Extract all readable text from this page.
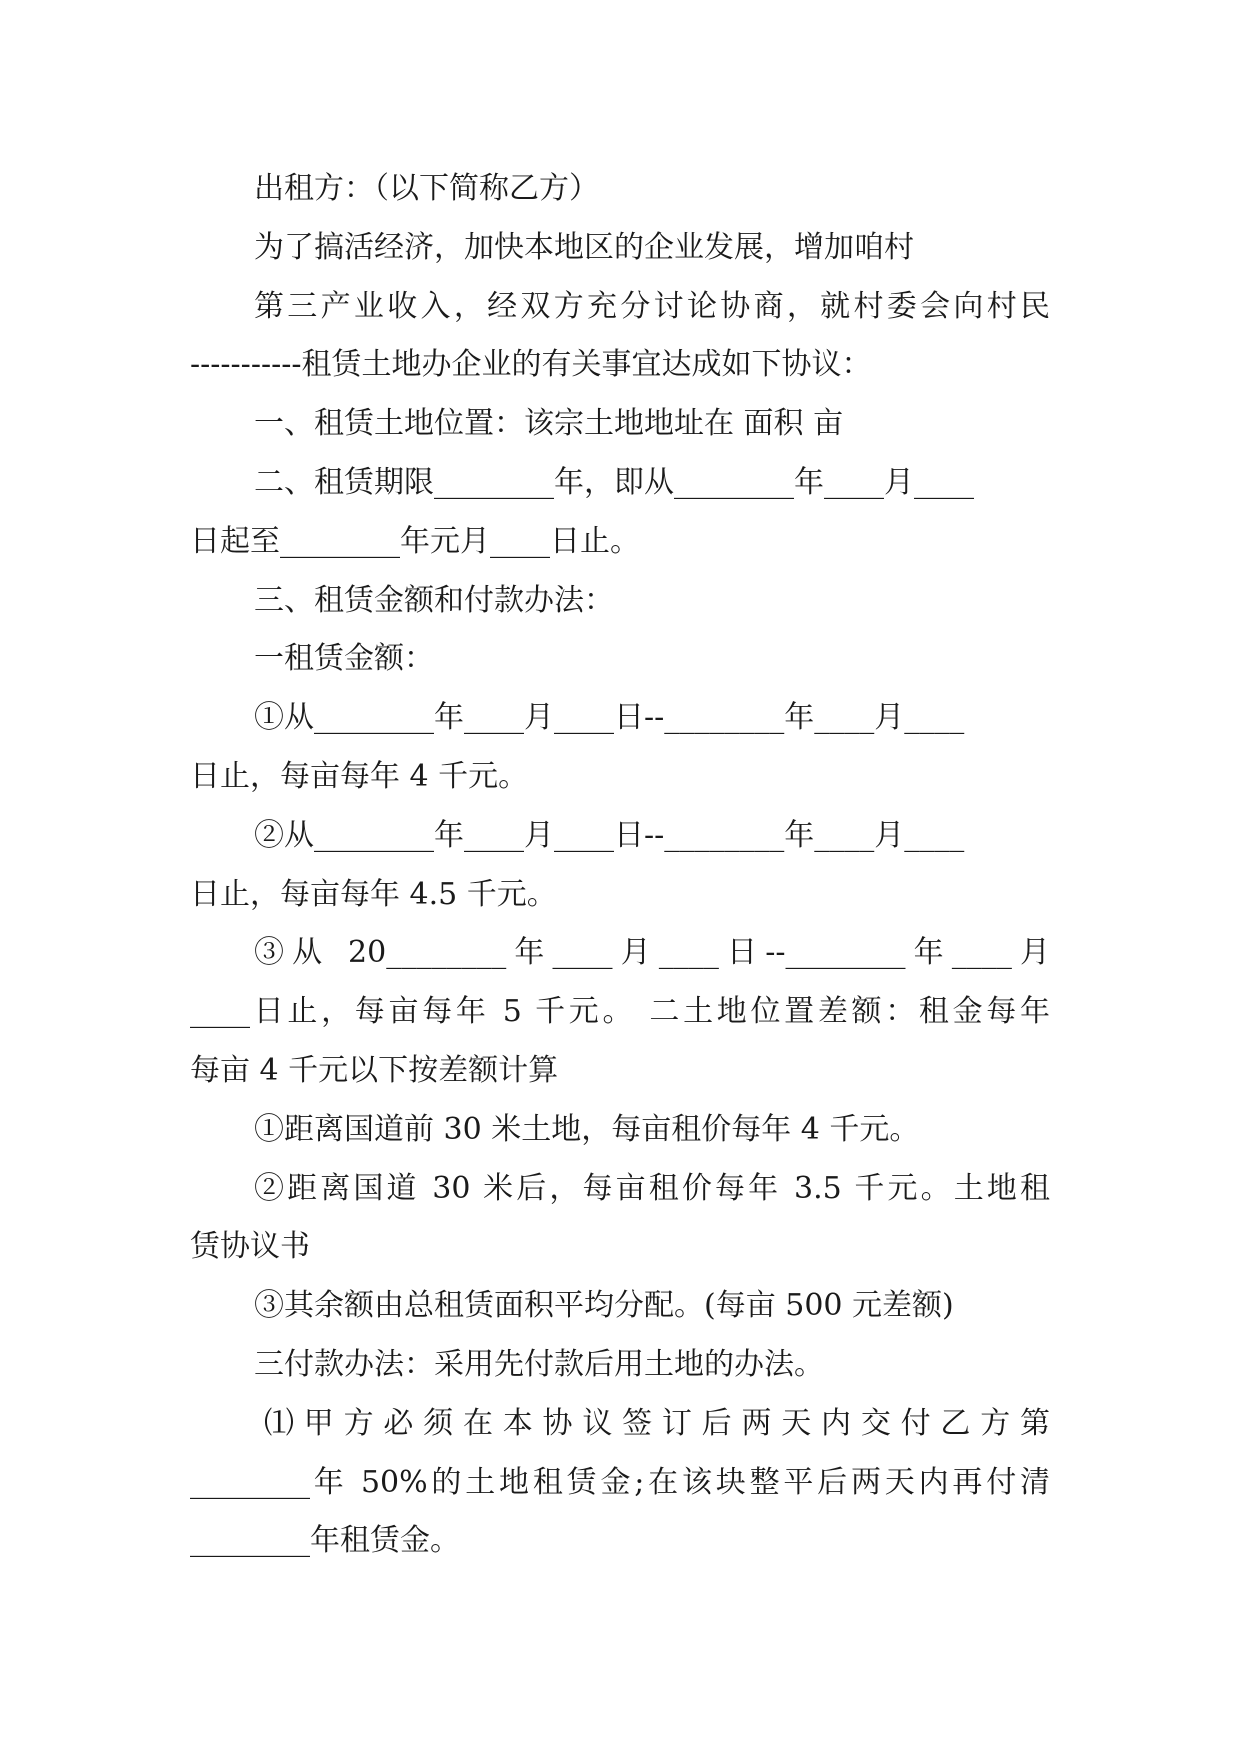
出租方：（以下简称乙方）
为了搞活经济，加快本地区的企业发展，增加咱村
第三产业收入，经双方充分讨论协商，就村委会向村民
-----------租赁土地办企业的有关事宜达成如下协议：
一、租赁土地位置：该宗土地地址在 面积 亩
二、租赁期限________年，即从________年____月____
日起至________年元月____日止。
三、租赁金额和付款办法：
一租赁金额：
①从________年____月____日--________年____月____
日止，每亩每年 4 千元。
②从________年____月____日--________年____月____
日止，每亩每年 4.5 千元。
③从 20________年____月____日--________年____月
____日止，每亩每年 5 千元。 二土地位置差额：租金每年
每亩 4 千元以下按差额计算
①距离国道前 30 米土地，每亩租价每年 4 千元。
②距离国道 30 米后，每亩租价每年 3.5 千元。土地租
赁协议书
③其余额由总租赁面积平均分配。(每亩 500 元差额)
三付款办法：采用先付款后用土地的办法。
⑴甲方必须在本协议签订后两天内交付乙方第
________年 50%的土地租赁金;在该块整平后两天内再付清
________年租赁金。
